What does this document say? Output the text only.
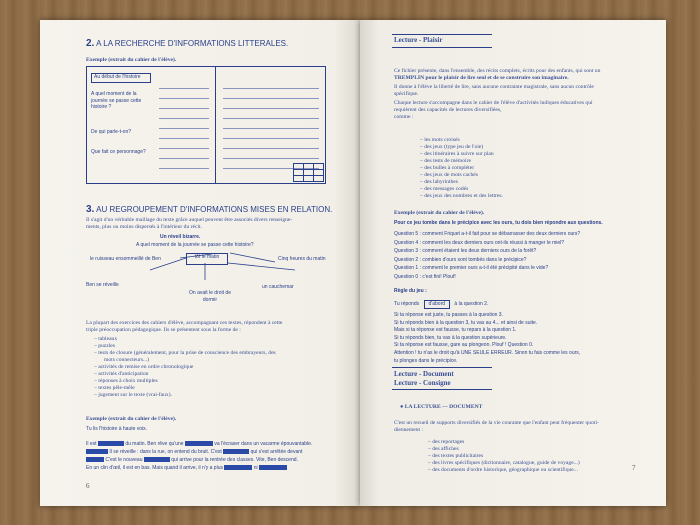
2. A LA RECHERCHE D'INFORMATIONS LITTERALES.
Exemple (extrait du cahier de l'élève).
Au début de l'histoire
A quel moment de la journée se passe cette histoire ?
De qui parle-t-on?
Que fait ce personnage?
3. AU REGROUPEMENT D'INFORMATIONS MISES EN RELATION.
Il s'agit d'un véritable maillage du texte grâce auquel peuvent être associés divers renseigne-
ments, plus ou moins dispersés à l'intérieur du récit.
Un réveil bizarre.
A quel moment de la journée se passe cette histoire?
tôt le matin
le ruisseau ensommeillé de Ben	Cinq heures du matin
Ben se réveille	un cauchemar
On avait le droit de dormir
La plupart des exercices des cahiers d'élève, accompagnant ces textes, répondent à cette
triple préoccupation pédagogique. Ils se présentent sous la forme de :
– tableaux
– puzzles
– tests de closure (généralement, pour la prise de conscience des embrayeurs, des
mots connecteurs...)
– activités de remise en ordre chronologique
– activités d'anticipation
– réponses à choix multiples
– textes pêle-mêle
– jugement sur le texte (vrai-faux).
Exemple (extrait du cahier de l'élève).
Tu lis l'histoire à haute voix.
Il est	du matin. Ben rêve qu'une	va l'écraser dans un vacarme épouvantable.
Il se réveille : dans la rue, on entend du bruit. C'est	qui s'est arrêtée devant
C'est le nouveau	qui arrive pour la rentrée des classes. Vite, Ben descend.
En un clin d'œil, il est en bas. Mais quand il arrive, il n'y a plus	ni
6
Lecture - Plaisir
Ce fichier présente, dans l'ensemble, des récits complets, écrits pour des enfants, qui sont un
TREMPLIN pour le plaisir de lire seul et de se construire son imaginaire.
Il donne à l'élève la liberté de lire, sans aucune contrainte magistrale, sans aucun contrôle
spécifique.
Chaque lecture s'accompagne dans le cahier de l'élève d'activités ludiques éducatives qui
requièrent des capacités de lectures diversifiées,
comme :
– les mots croisés
– des jeux (type jeu de l'oie)
– des itinéraires à suivre sur plan
– des tests de mémoire
– des bulles à compléter
– des jeux de mots cachés
– des labyrinthes
– des messages codés
– des jeux des nombres et des lettres.
Exemple (extrait du cahier de l'élève).
Pour ce jeu tombe dans le précipice avec les ours, tu dois bien répondre aux questions.
Question 5 : comment Friquet a-t-il fait pour se débarrasser des deux derniers ours?
Question 4 : comment les deux derniers ours ont-ils réussi à manger le miel?
Question 3 : comment étaient les deux derniers ours de la forêt?
Question 2 : combien d'ours sont tombés dans le précipice?
Question 1 : comment le premier ours a-t-il été précipité dans le vide?
Question 0 : c'est fini! Plouf!
Règle du jeu :
Tu réponds d'abord à la question 2.
Si ta réponse est juste, tu passes à la question 3.
Si tu réponds bien à la question 3, tu vas au 4... et ainsi de suite.
Mais si ta réponse est fausse, tu repars à la question 1.
Si tu réponds bien, tu vas à la question supérieure.
Si ta réponse est fausse, gare au plongeon. Plouf ! Question 0.
Attention ! tu n'as le droit qu'à UNE SEULE ERREUR. Sinon tu fais comme les ours,
tu plonges dans le précipice.
Lecture - Document
Lecture - Consigne
● LA LECTURE — DOCUMENT
C'est un recueil de supports diversifiés de la vie courante que l'enfant peut fréquenter quoti-
diennement :
– des reportages
– des affiches
– des textes publicitaires
– des livres spécifiques (dictionnaire, catalogue, guide de voyage...)
– des documents d'ordre historique, géographique ou scientifique...	7
